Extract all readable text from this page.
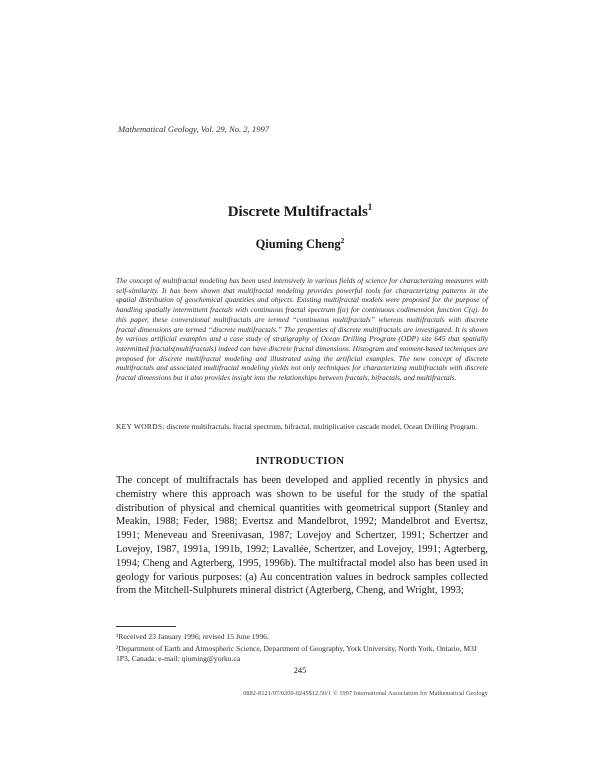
Mathematical Geology, Vol. 29, No. 2, 1997
Discrete Multifractals$^1$
Qiuming Cheng$^2$

The concept of multifractal modeling has been used intensively in various fields of science for characterizing measures with self-similarity. It has been shown that multifractal modeling provides powerful tools for characterizing patterns in the spatial distribution of geochemical quantities and objects. Existing multifractal models were proposed for the purpose of handling spatially intermittent fractals with continuous fractal spectrum f(α) for continuous codimension function C(q). In this paper, these conventional multifractals are termed “continuous multifractals” whereas multifractals with discrete fractal dimensions are termed “discrete multifractals.” The properties of discrete multifractals are investigated. It is shown by various artificial examples and a case study of stratigraphy of Ocean Drilling Program (ODP) site 645 that spatially intermitted fractals(multifractals) indeed can have discrete fractal dimensions. Histogram and moment-based techniques are proposed for discrete multifractal modeling and illustrated using the artificial examples. The new concept of discrete multifractals and associated multifractal modeling yields not only techniques for characterizing multifractals with discrete fractal dimensions but it also provides insight into the relationships between fractals, bifractals, and multifractals.

KEY WORDS: discrete multifractals, fractal spectrum, bifractal, multiplicative cascade model, Ocean Drilling Program.

INTRODUCTION

The concept of multifractals has been developed and applied recently in physics and chemistry where this approach was shown to be useful for the study of the spatial distribution of physical and chemical quantities with geometrical support (Stanley and Meakin, 1988; Feder, 1988; Evertsz and Mandelbrot, 1992; Mandelbrot and Evertsz, 1991; Meneveau and Sreenivasan, 1987; Lovejoy and Schertzer, 1991; Schertzer and Lovejoy, 1987, 1991a, 1991b, 1992; Lavallée, Schertzer, and Lovejoy, 1991; Agterberg, 1994; Cheng and Agterberg, 1995, 1996b). The multifractal model also has been used in geology for various purposes: (a) Au concentration values in bedrock samples collected from the Mitchell-Sulphurets mineral district (Agterberg, Cheng, and Wright, 1993;

¹Received 23 January 1996; revised 15 June 1996.

²Department of Earth and Atmospheric Science, Department of Geography, York University, North York, Ontario, M3J 1P3, Canada. e-mail: qiuming@yorku.ca

245
0882-8121/97/0200-0245$12.50/1 © 1997 International Association for Mathematical Geology
